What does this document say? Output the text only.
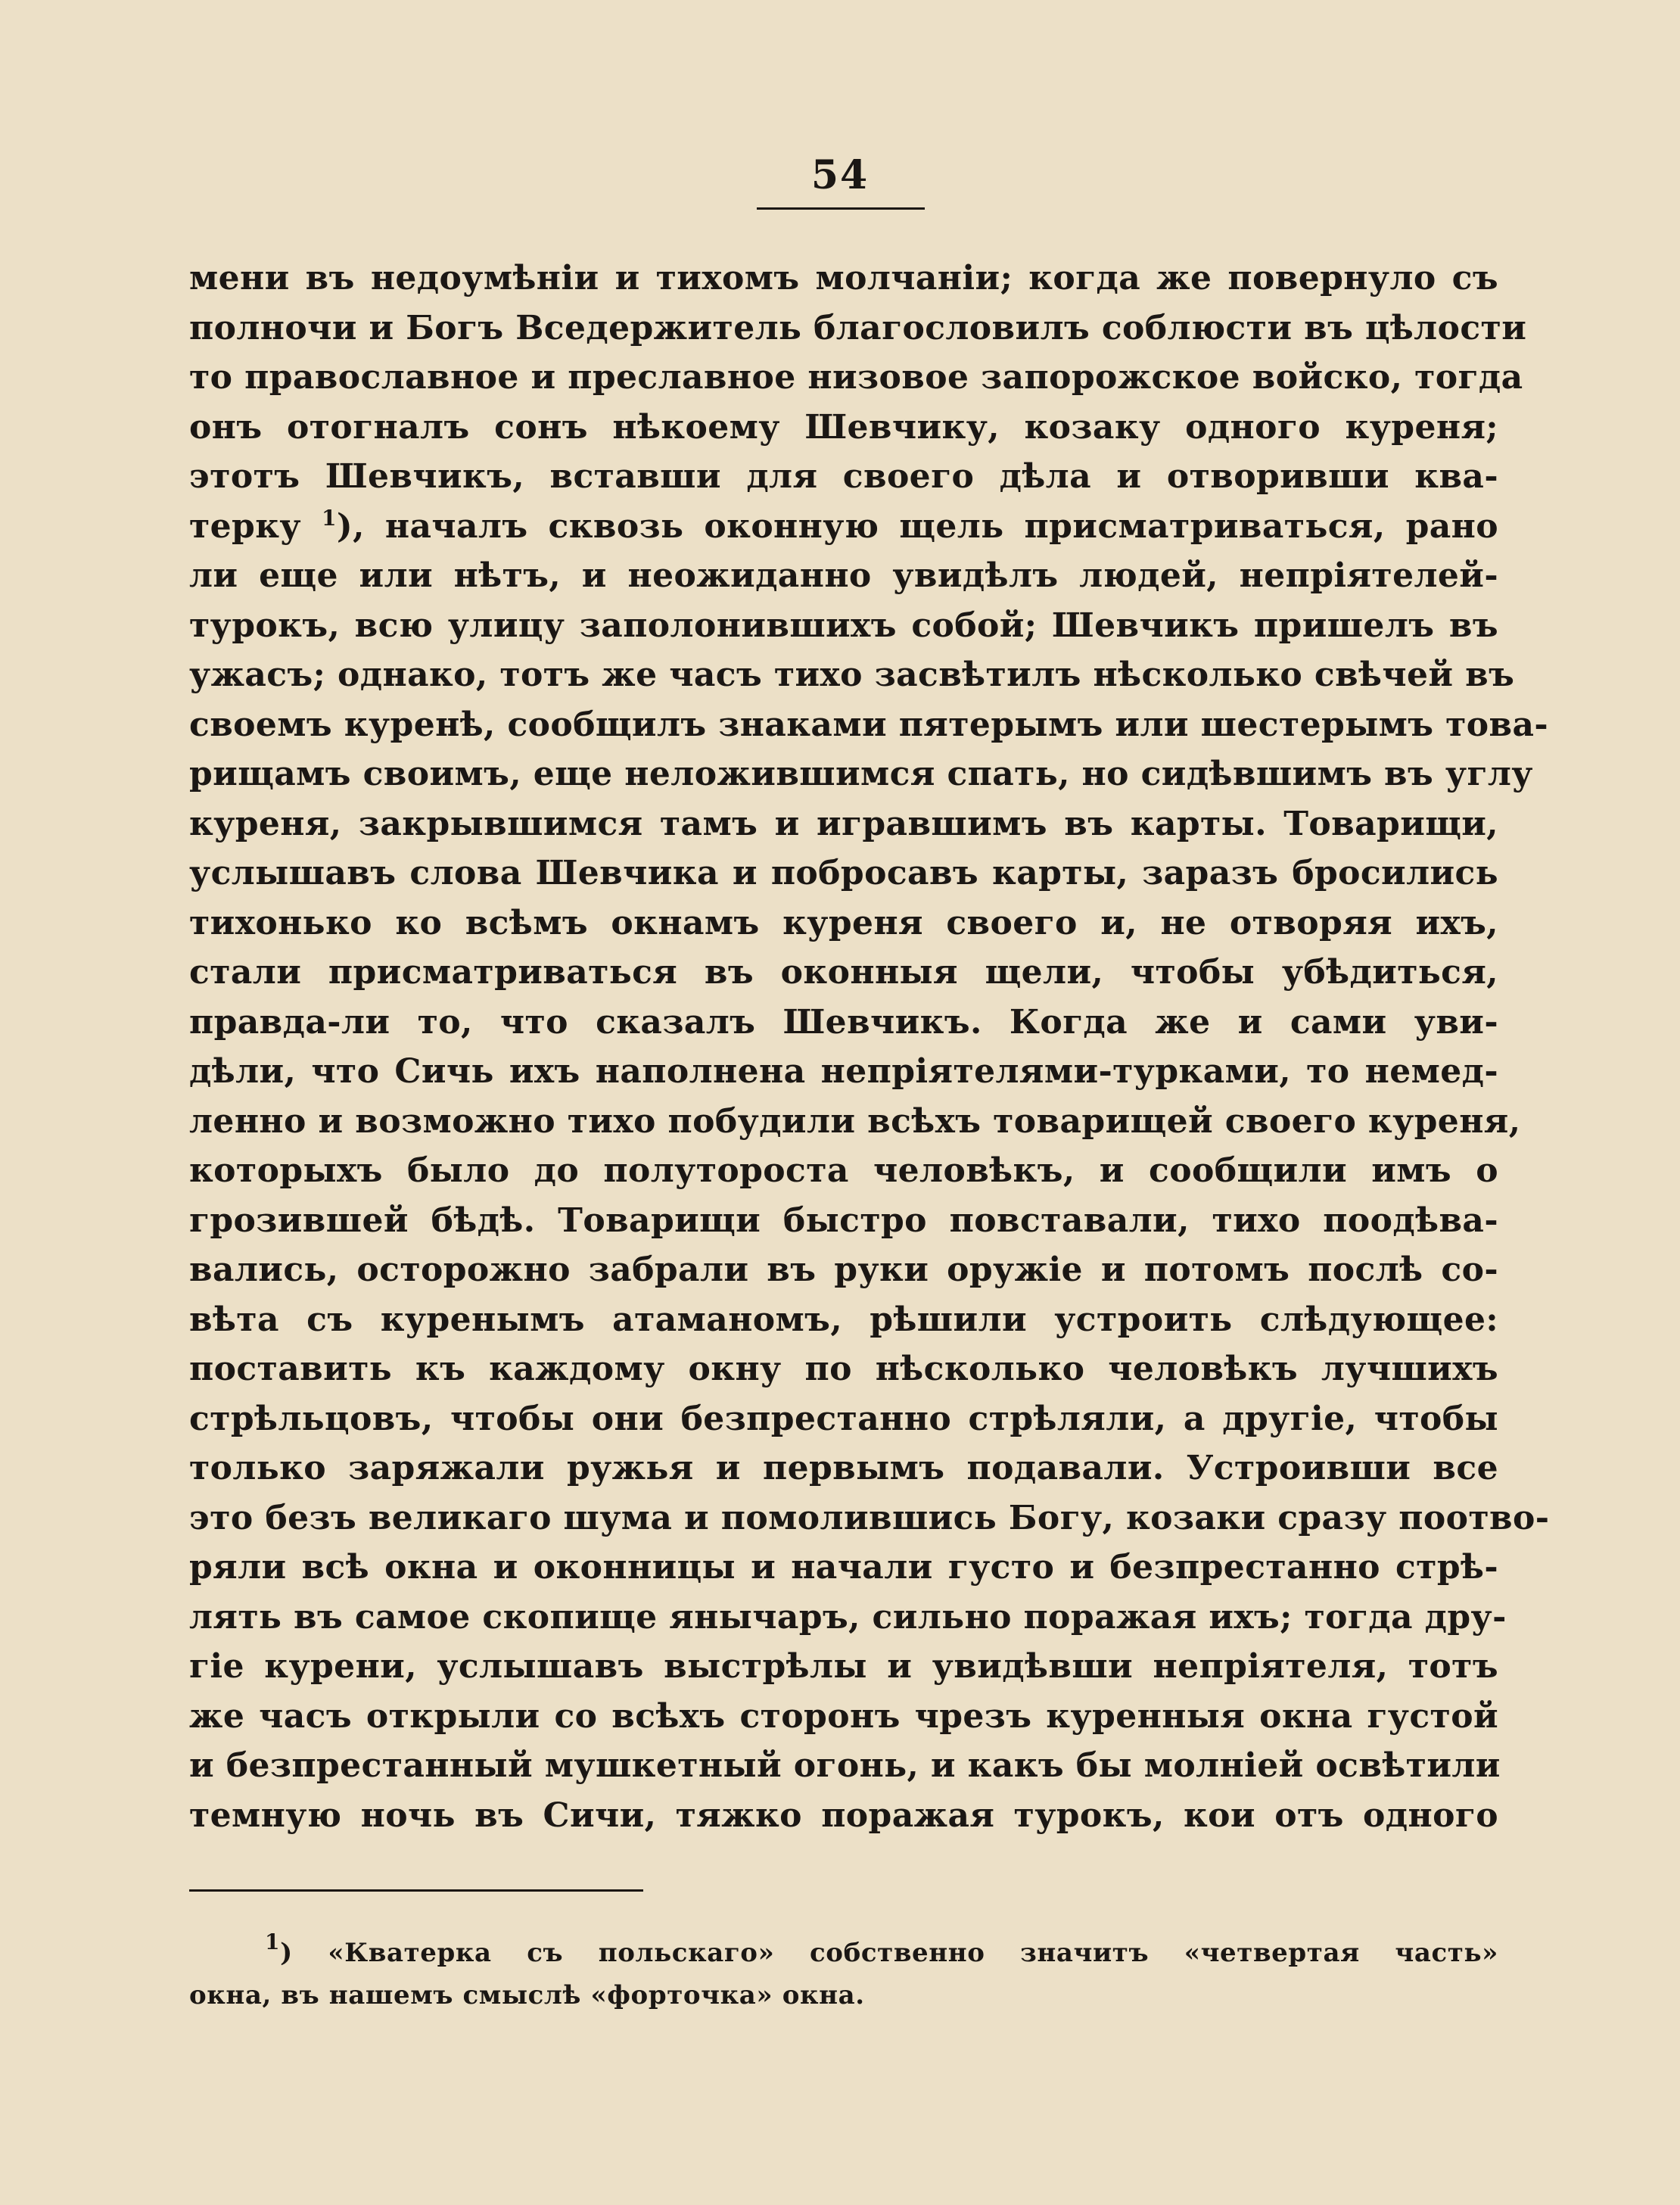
54
мени въ недоумѣніи и тихомъ молчаніи; когда же повернуло съ
полночи и Богъ Вседержитель благословилъ соблюсти въ цѣлости
то православное и преславное низовое запорожское войско, тогда
онъ отогналъ сонъ нѣкоему Шевчику, козаку одного куреня;
этотъ Шевчикъ, вставши для своего дѣла и отворивши ква-
терку $^1$), началъ сквозь оконную щель присматриваться, рано
ли еще или нѣтъ, и неожиданно увидѣлъ людей, непріятелей-
турокъ, всю улицу заполонившихъ собой; Шевчикъ пришелъ въ
ужасъ; однако, тотъ же часъ тихо засвѣтилъ нѣсколько свѣчей въ
своемъ куренѣ, сообщилъ знаками пятерымъ или шестерымъ това-
рищамъ своимъ, еще неложившимся спать, но сидѣвшимъ въ углу
куреня, закрывшимся тамъ и игравшимъ въ карты. Товарищи,
услышавъ слова Шевчика и побросавъ карты, заразъ бросились
тихонько ко всѣмъ окнамъ куреня своего и, не отворяя ихъ,
стали присматриваться въ оконныя щели, чтобы убѣдиться,
правда-ли то, что сказалъ Шевчикъ. Когда же и сами уви-
дѣли, что Сичь ихъ наполнена непріятелями-турками, то немед-
ленно и возможно тихо побудили всѣхъ товарищей своего куреня,
которыхъ было до полутороста человѣкъ, и сообщили имъ о
грозившей бѣдѣ. Товарищи быстро повставали, тихо поодѣва-
вались, осторожно забрали въ руки оружіе и потомъ послѣ со-
вѣта съ куренымъ атаманомъ, рѣшили устроить слѣдующее:
поставить къ каждому окну по нѣсколько человѣкъ лучшихъ
стрѣльцовъ, чтобы они безпрестанно стрѣляли, а другіе, чтобы
только заряжали ружья и первымъ подавали. Устроивши все
это безъ великаго шума и помолившись Богу, козаки сразу поотво-
ряли всѣ окна и оконницы и начали густо и безпрестанно стрѣ-
лять въ самое скопище янычаръ, сильно поражая ихъ; тогда дру-
гіе курени, услышавъ выстрѣлы и увидѣвши непріятеля, тотъ
же часъ открыли со всѣхъ сторонъ чрезъ куренныя окна густой
и безпрестанный мушкетный огонь, и какъ бы молніей освѣтили
темную ночь въ Сичи, тяжко поражая турокъ, кои отъ одного
$^1$) «Кватерка съ польскаго» собственно значитъ «четвертая часть»
окна, въ нашемъ смыслѣ «форточка» окна.
